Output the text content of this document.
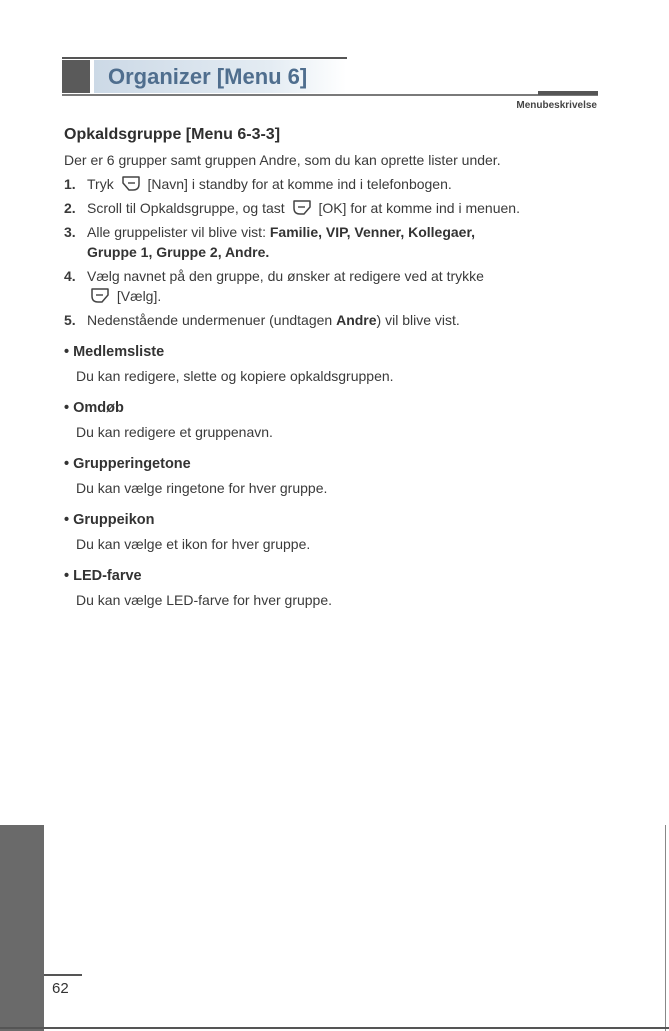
Organizer [Menu 6]
Menubeskrivelse
Opkaldsgruppe [Menu 6-3-3]
Der er 6 grupper samt gruppen Andre, som du kan oprette lister under.
1. Tryk [Navn] i standby for at komme ind i telefonbogen.
2. Scroll til Opkaldsgruppe, og tast [OK] for at komme ind i menuen.
3. Alle gruppelister vil blive vist: Familie, VIP, Venner, Kollegaer,
Gruppe 1, Gruppe 2, Andre.
4. Vælg navnet på den gruppe, du ønsker at redigere ved at trykke
[Vælg].
5. Nedenstående undermenuer (undtagen Andre) vil blive vist.
• Medlemsliste
Du kan redigere, slette og kopiere opkaldsgruppen.
• Omdøb
Du kan redigere et gruppenavn.
• Grupperingetone
Du kan vælge ringetone for hver gruppe.
• Gruppeikon
Du kan vælge et ikon for hver gruppe.
• LED-farve
Du kan vælge LED-farve for hver gruppe.
62
